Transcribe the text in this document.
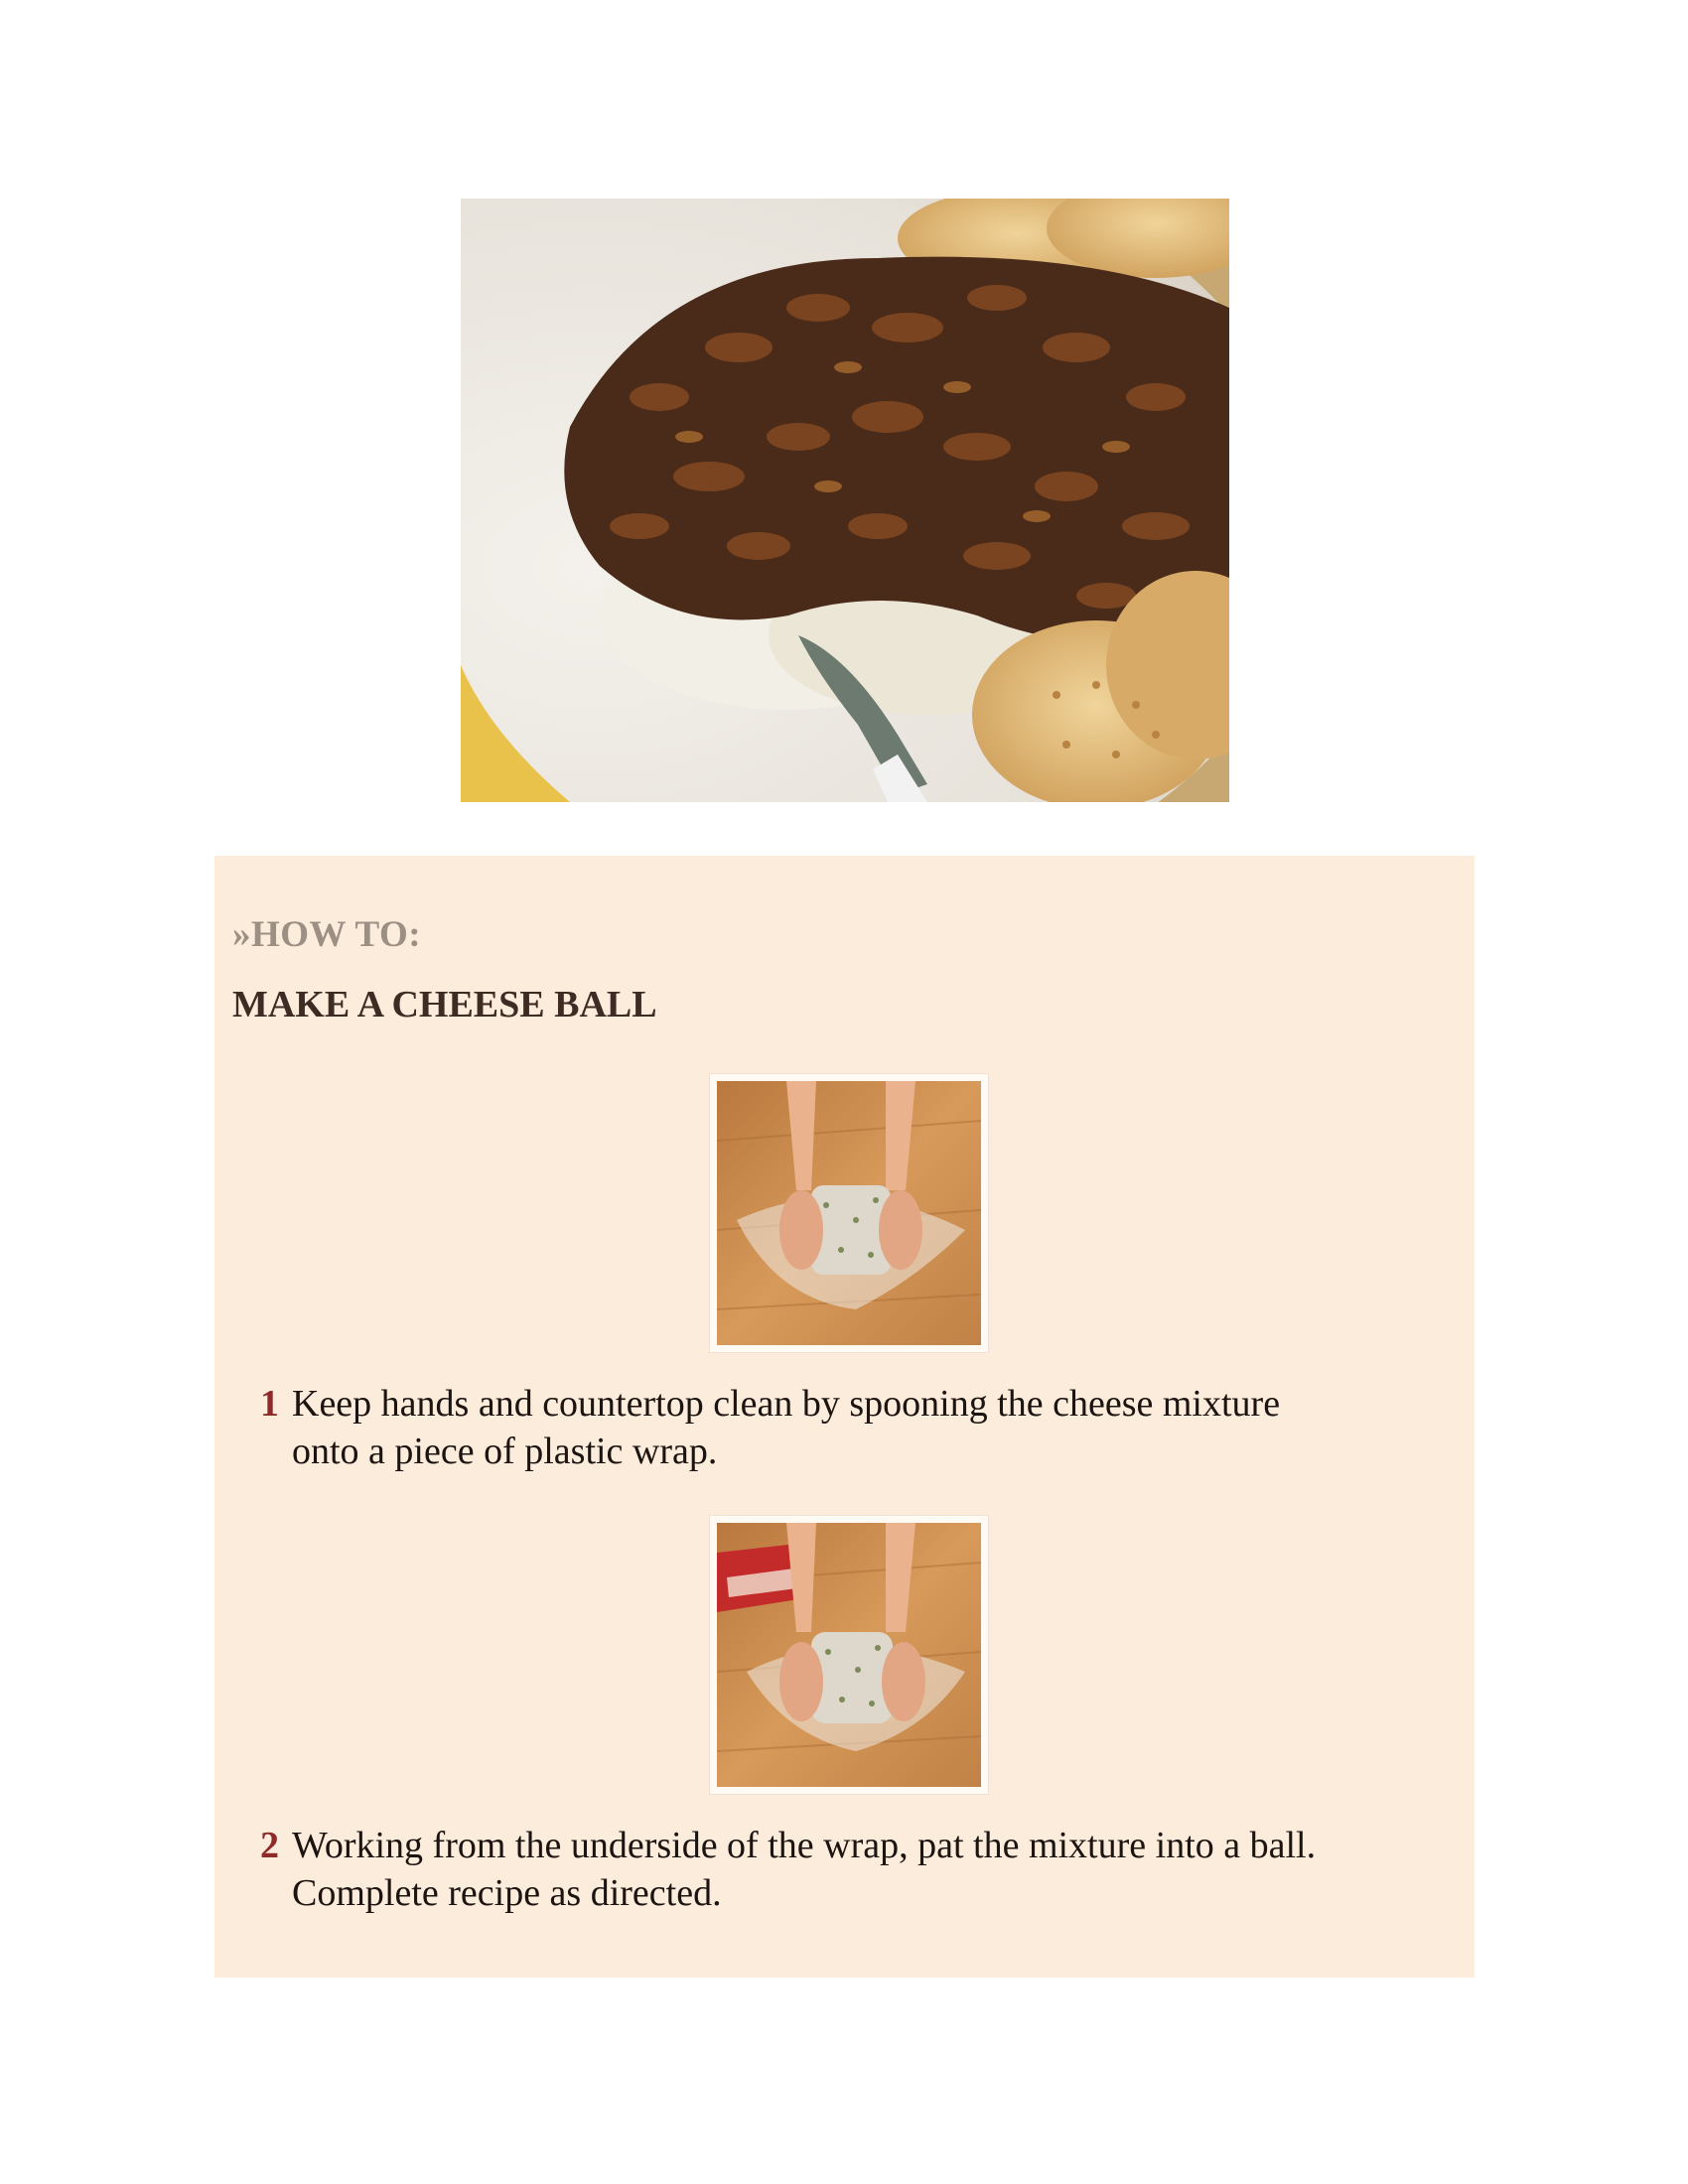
»HOW TO:
MAKE A CHEESE BALL
1 Keep hands and countertop clean by spooning the cheese mixture
onto a piece of plastic wrap.
2 Working from the underside of the wrap, pat the mixture into a ball.
Complete recipe as directed.
